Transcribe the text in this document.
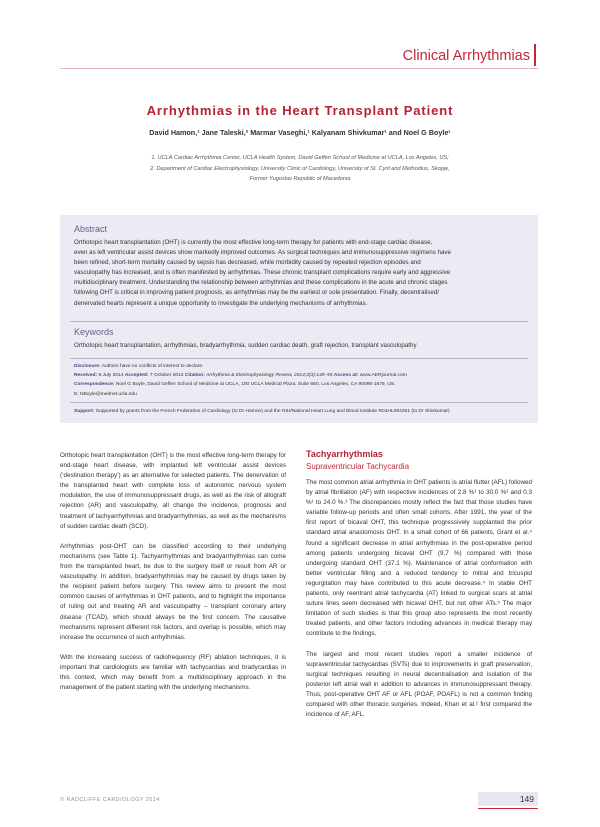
Clinical Arrhythmias
Arrhythmias in the Heart Transplant Patient
David Hamon,¹ Jane Taleski,² Marmar Vaseghi,¹ Kalyanam Shivkumar¹ and Noel G Boyle¹
1. UCLA Cardiac Arrhythmia Center, UCLA Health System, David Geffen School of Medicine at UCLA, Los Angeles, US;
2. Department of Cardiac Electrophysiology, University Clinic of Cardiology, University of St. Cyril and Methodius, Skopje,
Former Yugoslav Republic of Macedonia
Abstract
Orthotopic heart transplantation (OHT) is currently the most effective long-term therapy for patients with end-stage cardiac disease,
even as left ventricular assist devices show markedly improved outcomes. As surgical techniques and immunosuppressive regimens have
been refined, short-term mortality caused by sepsis has decreased, while morbidity caused by repeated rejection episodes and
vasculopathy has increased, and is often manifested by arrhythmias. These chronic transplant complications require early and aggressive
multidisciplinary treatment. Understanding the relationship between arrhythmias and these complications in the acute and chronic stages
following OHT is critical in improving patient prognosis, as arrhythmias may be the earliest or sole presentation. Finally, decentralised/
denervated hearts represent a unique opportunity to investigate the underlying mechanisms of arrhythmias.
Keywords
Orthotopic heart transplantation, arrhythmias, bradyarrhythmia, sudden cardiac death, graft rejection, transplant vasculopathy
Disclosure: Authors have no conflicts of interest to declare.
Received: 8 July 2014 Accepted: 7 October 2014 Citation: Arrhythmia & Electrophysiology Review, 2014;3(3):149–55 Access at: www.AERjournal.com
Correspondence: Noel G Boyle, David Geffen School of Medicine at UCLA, 100 UCLA Medical Plaza, Suite 660, Los Angeles, CA 90095-1679, US.
E: NBoyle@mednet.ucla.edu
Support: Supported by grants from the French Federation of Cardiology (to Dr Hamon) and the NIH/National Heart Lung and Blood Institute R01HL084261 (to Dr Shivkumar)

Orthotopic heart transplantation (OHT) is the most effective long-term therapy for end-stage heart disease, with implanted left ventricular assist devices (‘destination therapy’) as an alternative for selected patients. The denervation of the transplanted heart with complete loss of autonomic nervous system modulation, the use of immunosuppressant drugs, as well as the risk of allograft rejection (AR) and vasculopathy, all change the incidence, prognosis and treatment of tachyarrhythmias and bradyarrhythmias, as well as the mechanisms of sudden cardiac death (SCD).

Arrhythmias post-OHT can be classified according to their underlying mechanisms (see Table 1). Tachyarrhythmias and bradyarrhythmias can come from the transplanted heart, be due to the surgery itself or result from AR or vasculopathy. In addition, bradyarrhythmias may be caused by drugs taken by the recipient patient before surgery. This review aims to present the most common causes of arrhythmias in OHT patients, and to highlight the importance of ruling out and treating AR and vasculopathy – transplant coronary artery disease (TCAD), which should always be the first concern. The causative mechanisms represent different risk factors, and overlap is possible, which may increase the occurrence of such arrhythmias.

With the increasing success of radiofrequency (RF) ablation techniques, it is important that cardiologists are familiar with tachycardias and bradycardias in this context, which may benefit from a multidisciplinary approach in the management of the patient starting with the underlying mechanisms.

Tachyarrhythmias
Supraventricular Tachycardia

The most common atrial arrhythmia in OHT patients is atrial flutter (AFL) followed by atrial fibrillation (AF) with respective incidences of 2.8 %¹ to 30.0 %² and 0.3 %¹ to 24.0 %.³ The discrepancies mostly reflect the fact that those studies have variable follow-up periods and often small cohorts. After 1991, the year of the first report of bicaval OHT, this technique progressively supplanted the prior standard atrial anastomosis OHT. In a small cohort of 66 patients, Grant et al.⁴ found a significant decrease in atrial arrhythmias in the post-operative period among patients undergoing bicaval OHT (9.7 %) compared with those undergoing standard OHT (37.1 %). Maintenance of atrial conformation with better ventricular filling and a reduced tendency to mitral and tricuspid regurgitation may have contributed to this acute decrease.⁴ In stable OHT patients, only reentrant atrial tachycardia (AT) linked to surgical scars at atrial suture lines seem decreased with bicaval OHT, but not other ATs.⁵ The major limitation of such studies is that this group also represents the most recently treated patients, and other factors including advances in medical therapy may contribute to the findings.

The largest and most recent studies report a smaller incidence of supraventricular tachycardias (SVTs) due to improvements in graft preservation, surgical techniques resulting in neural decentralisation and isolation of the posterior left atrial wall in addition to advances in immunosuppressant therapy. Thus, post-operative OHT AF or AFL (POAF, POAFL) is not a common finding compared with other thoracic surgeries. Indeed, Khan et al.¹ first compared the incidence of AF, AFL,

© RADCLIFFE CARDIOLOGY 2014	149
